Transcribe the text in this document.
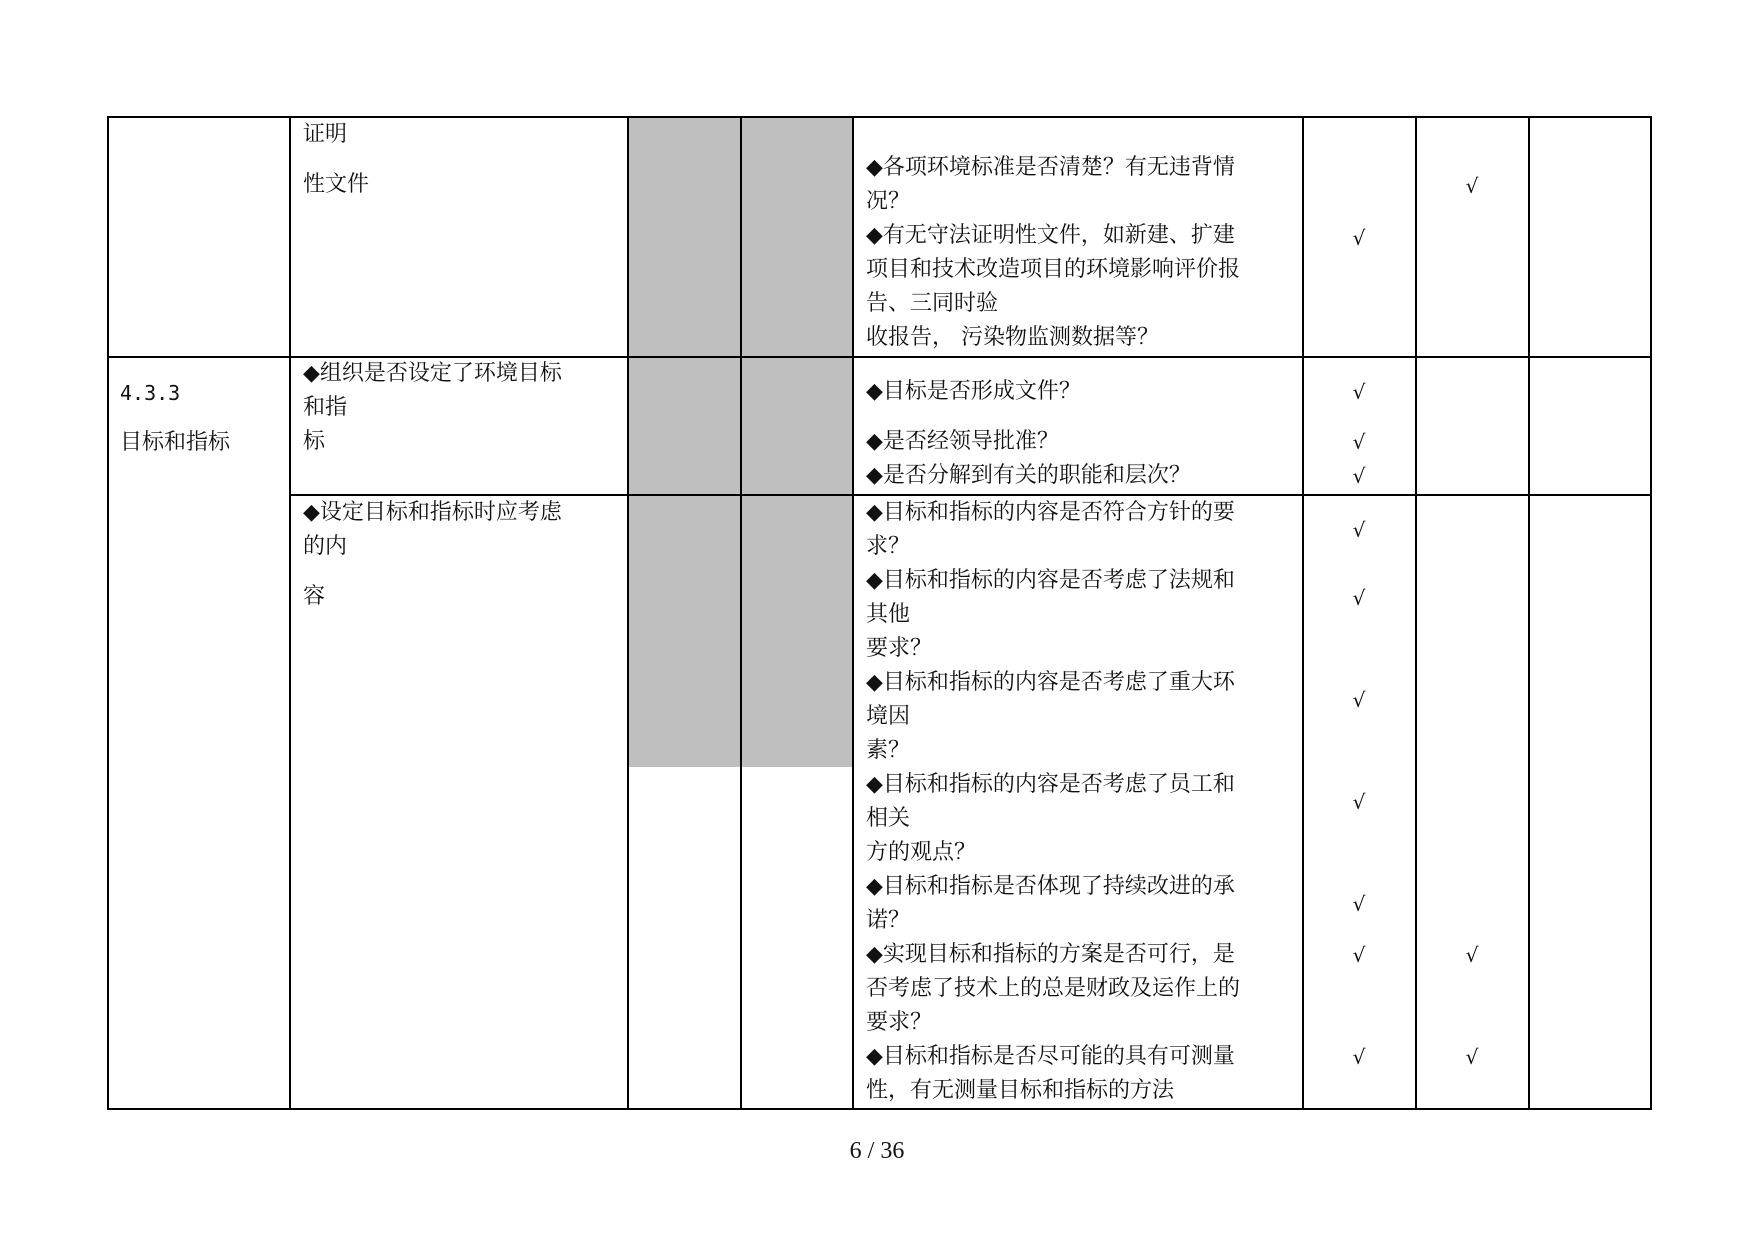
证明
性文件
◆各项环境标准是否清楚？有无违背情
况？
◆有无守法证明性文件，如新建、扩建
项目和技术改造项目的环境影响评价报
告、三同时验
收报告， 污染物监测数据等？
√
√
4.3.3
目标和指标
◆组织是否设定了环境目标
和指
标
◆目标是否形成文件？
◆是否经领导批准？
◆是否分解到有关的职能和层次？
√
√
√
◆设定目标和指标时应考虑
的内
容
◆目标和指标的内容是否符合方针的要
求？
◆目标和指标的内容是否考虑了法规和
其他
要求？
◆目标和指标的内容是否考虑了重大环
境因
素？
◆目标和指标的内容是否考虑了员工和
相关
方的观点？
◆目标和指标是否体现了持续改进的承
诺？
◆实现目标和指标的方案是否可行，是
否考虑了技术上的总是财政及运作上的
要求？
◆目标和指标是否尽可能的具有可测量
性，有无测量目标和指标的方法
√
√
√
√
√
√
√
√
√
6 / 36
